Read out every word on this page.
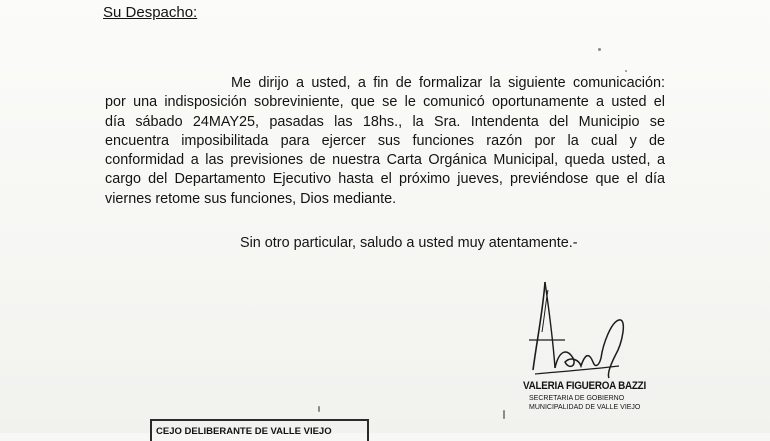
Su Despacho:
Me dirijo a usted, a fin de formalizar la siguiente comunicación:
por una indisposición sobreviniente, que se le comunicó oportunamente a usted el
día sábado 24MAY25, pasadas las 18hs., la Sra. Intendenta del Municipio se
encuentra imposibilitada para ejercer sus funciones razón por la cual y de
conformidad a las previsiones de nuestra Carta Orgánica Municipal, queda usted, a
cargo del Departamento Ejecutivo hasta el próximo jueves, previéndose que el día
viernes retome sus funciones, Dios mediante.
Sin otro particular, saludo a usted muy atentamente.-
VALERIA FIGUEROA BAZZI
SECRETARIA DE GOBIERNO
MUNICIPALIDAD DE VALLE VIEJO
CEJO DELIBERANTE DE VALLE VIEJO
